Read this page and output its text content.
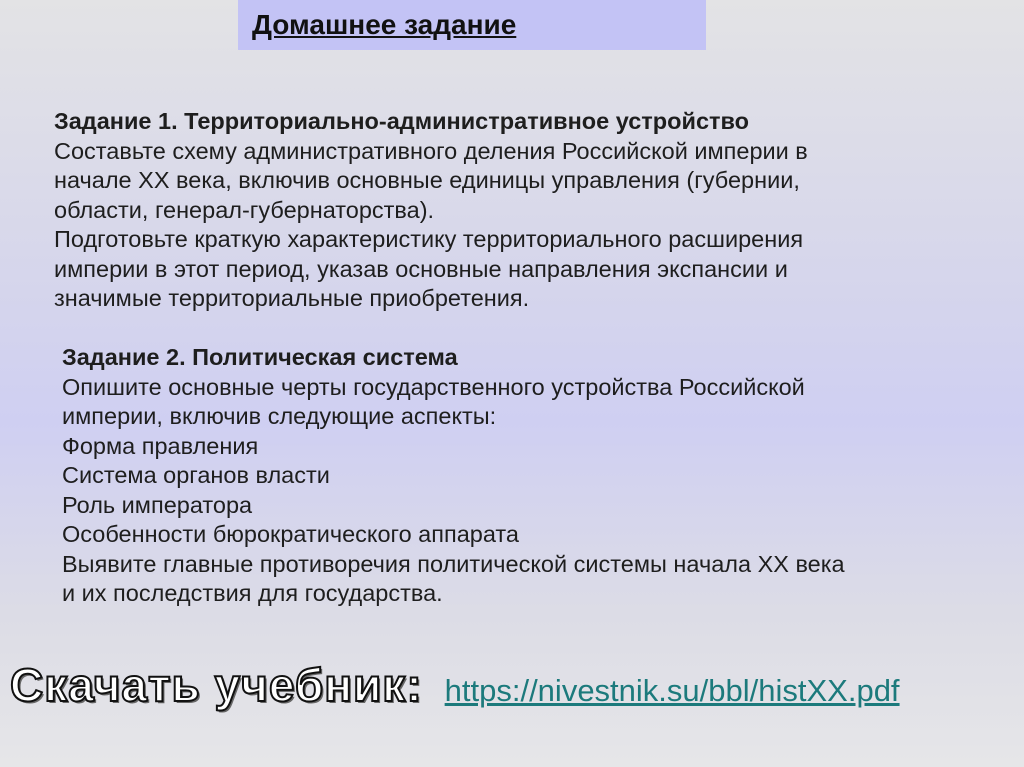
Домашнее задание
Задание 1. Территориально-административное устройство
Составьте схему административного деления Российской империи в
начале XX века, включив основные единицы управления (губернии,
области, генерал-губернаторства).
Подготовьте краткую характеристику территориального расширения
империи в этот период, указав основные направления экспансии и
значимые территориальные приобретения.
Задание 2. Политическая система
Опишите основные черты государственного устройства Российской
империи, включив следующие аспекты:
Форма правления
Система органов власти
Роль императора
Особенности бюрократического аппарата
Выявите главные противоречия политической системы начала XX века
и их последствия для государства.
Скачать учебник: https://nivestnik.su/bbl/histXX.pdf
